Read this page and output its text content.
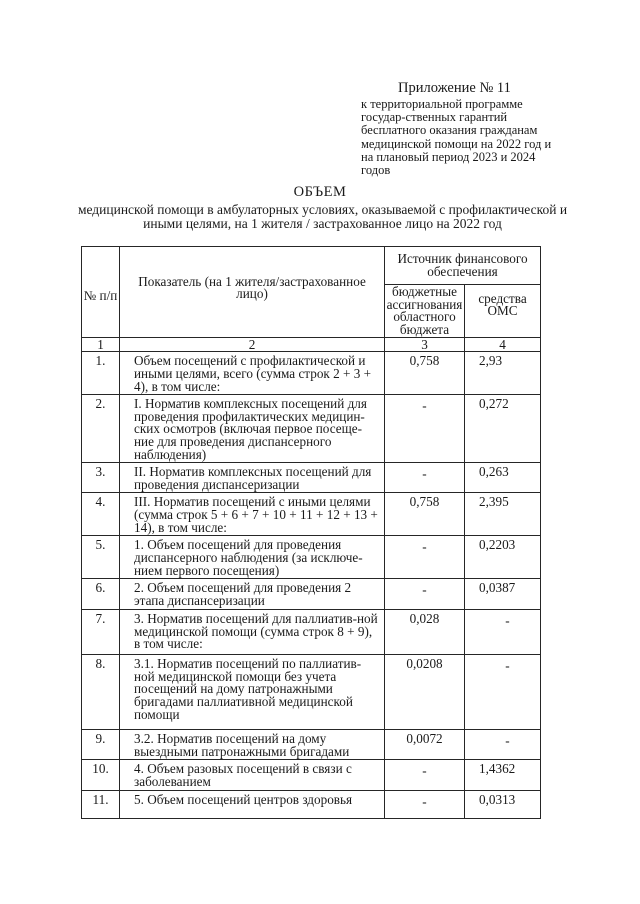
Приложение № 11
к территориальной программе государ-ственных гарантий бесплатного оказания гражданам медицинской помощи на 2022 год и на плановый период 2023 и 2024 годов
ОБЪЕМ
медицинской помощи в амбулаторных условиях, оказываемой с профилактической и иными целями, на 1 жителя / застрахованное лицо на 2022 год
№ п/п	Показатель (на 1 жителя/застрахованное лицо)	Источник финансового обеспечения	
		бюджетные ассигнования областного бюджета	средства ОМС
1	2	3	4
1.	Объем посещений с профилактической и иными целями, всего (сумма строк 2 + 3 + 4), в том числе:	0,758	2,93
2.	I. Норматив комплексных посещений для проведения профилактических медицин-ских осмотров (включая первое посеще-ние для проведения диспансерного наблюдения)	-	0,272
3.	II. Норматив комплексных посещений для проведения диспансеризации	-	0,263
4.	III. Норматив посещений с иными целями (сумма строк 5 + 6 + 7 + 10 + 11 + 12 + 13 + 14), в том числе:	0,758	2,395
5.	1. Объем посещений для проведения диспансерного наблюдения (за исключе-нием первого посещения)	-	0,2203
6.	2. Объем посещений для проведения 2 этапа диспансеризации	-	0,0387
7.	3. Норматив посещений для паллиатив-ной медицинской помощи (сумма строк 8 + 9), в том числе:	0,028	-
8.	3.1. Норматив посещений по паллиатив-ной медицинской помощи без учета посещений на дому патронажными бригадами паллиативной медицинской помощи	0,0208	-
9.	3.2. Норматив посещений на дому выездными патронажными бригадами	0,0072	-
10.	4. Объем разовых посещений в связи с заболеванием	-	1,4362
11.	5. Объем посещений центров здоровья	-	0,0313
